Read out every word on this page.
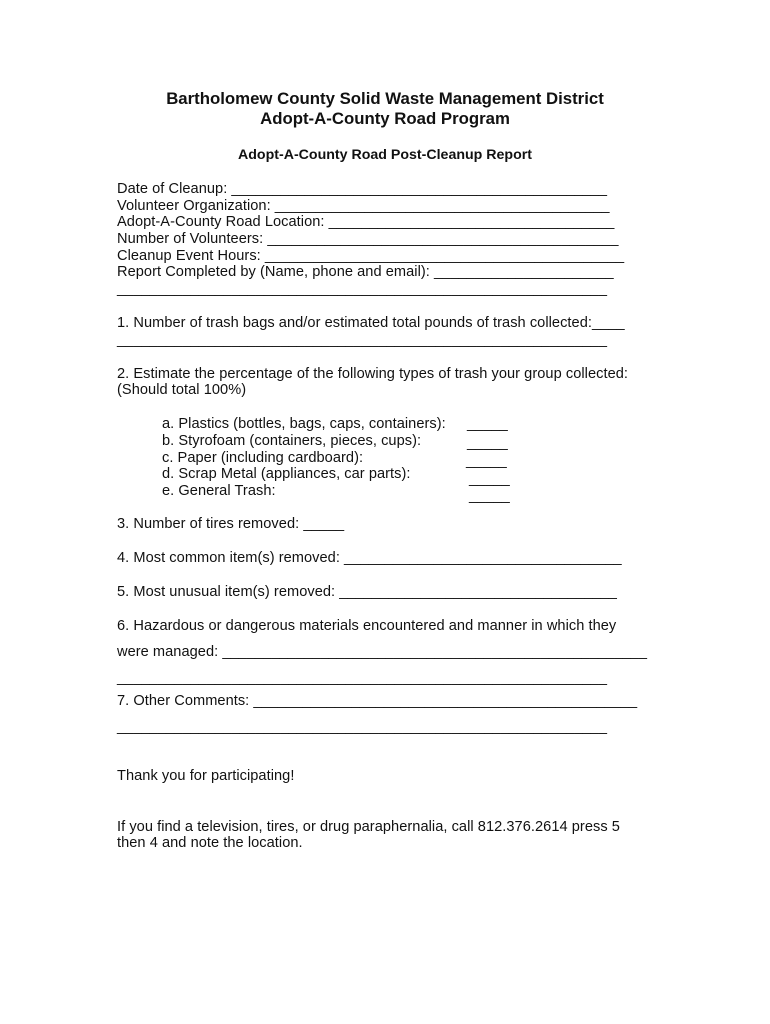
Bartholomew County Solid Waste Management District
Adopt-A-County Road Program
Adopt-A-County Road Post-Cleanup Report
Date of Cleanup: ______________________________________________
Volunteer Organization: _________________________________________
Adopt-A-County Road Location: ___________________________________
Number of Volunteers: ___________________________________________
Cleanup Event Hours: ____________________________________________
Report Completed by (Name, phone and email): ______________________
____________________________________________________________
1. Number of trash bags and/or estimated total pounds of trash collected:____
____________________________________________________________
2. Estimate the percentage of the following types of trash your group collected:
(Should total 100%)
a. Plastics (bottles, bags, caps, containers): _____
b. Styrofoam (containers, pieces, cups):	_____
c. Paper (including cardboard):	_____
d. Scrap Metal (appliances, car parts):	_____
e. General Trash:	_____
3. Number of tires removed: _____
4. Most common item(s) removed: __________________________________
5. Most unusual item(s) removed: __________________________________
6. Hazardous or dangerous materials encountered and manner in which they
were managed: ____________________________________________________
____________________________________________________________
7. Other Comments: _______________________________________________
____________________________________________________________
Thank you for participating!
If you find a television, tires, or drug paraphernalia, call 812.376.2614 press 5
then 4 and note the location.
